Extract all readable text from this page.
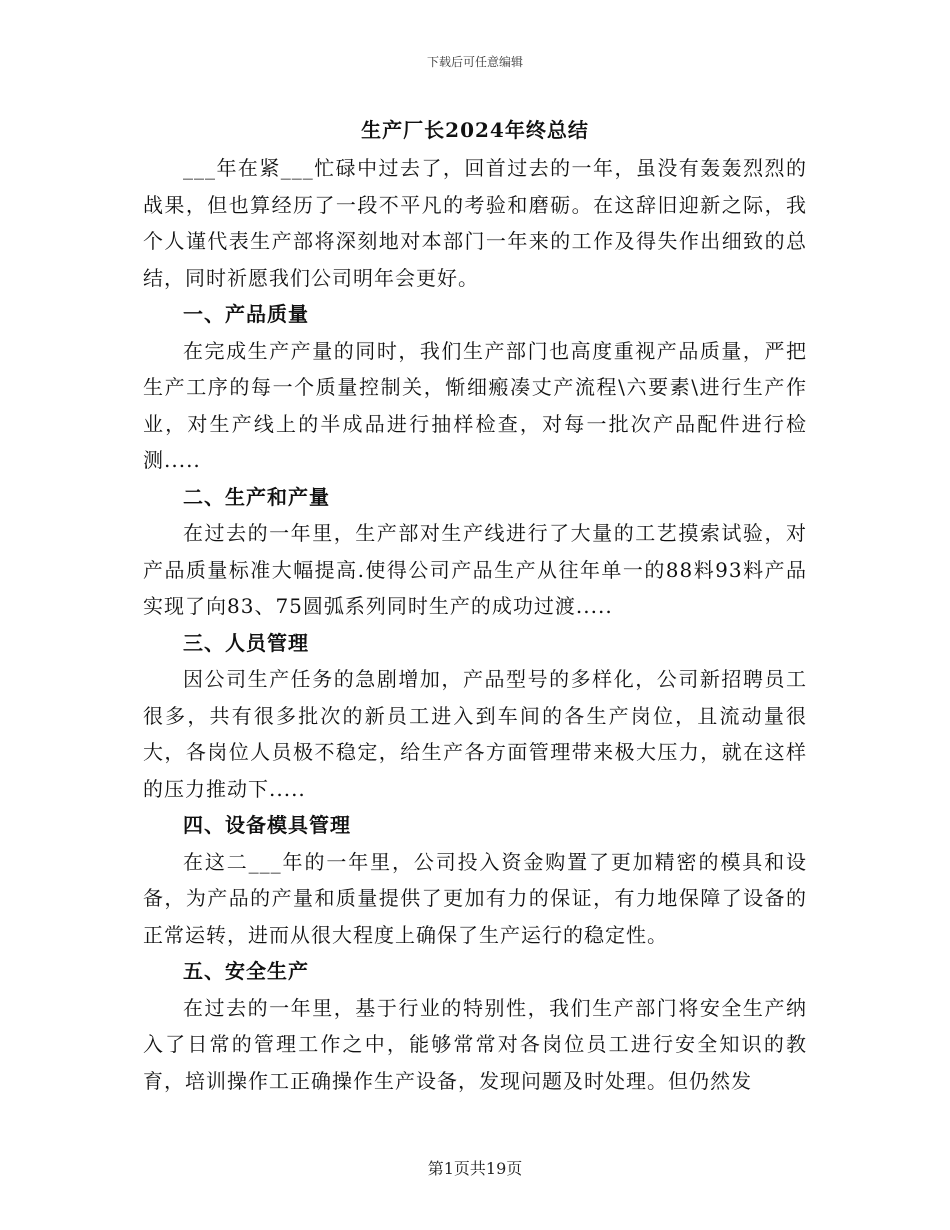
下载后可任意编辑
生产厂长2024年终总结

___年在紧___忙碌中过去了，回首过去的一年，虽没有轰轰烈烈的战果，但也算经历了一段不平凡的考验和磨砺。在这辞旧迎新之际，我个人谨代表生产部将深刻地对本部门一年来的工作及得失作出细致的总结，同时祈愿我们公司明年会更好。

一、产品质量

在完成生产产量的同时，我们生产部门也高度重视产品质量，严把生产工序的每一个质量控制关，惭细瘢凑丈产流程\六要素\进行生产作业，对生产线上的半成品进行抽样检查，对每一批次产品配件进行检测.....

二、生产和产量

在过去的一年里，生产部对生产线进行了大量的工艺摸索试验，对产品质量标准大幅提高.使得公司产品生产从往年单一的88料93料产品实现了向83、75圆弧系列同时生产的成功过渡.....

三、人员管理

因公司生产任务的急剧增加，产品型号的多样化，公司新招聘员工很多，共有很多批次的新员工进入到车间的各生产岗位，且流动量很大，各岗位人员极不稳定，给生产各方面管理带来极大压力，就在这样的压力推动下.....

四、设备模具管理

在这二___年的一年里，公司投入资金购置了更加精密的模具和设备，为产品的产量和质量提供了更加有力的保证，有力地保障了设备的正常运转，进而从很大程度上确保了生产运行的稳定性。

五、安全生产

在过去的一年里，基于行业的特别性，我们生产部门将安全生产纳入了日常的管理工作之中，能够常常对各岗位员工进行安全知识的教育，培训操作工正确操作生产设备，发现问题及时处理。但仍然发

第1页共19页
